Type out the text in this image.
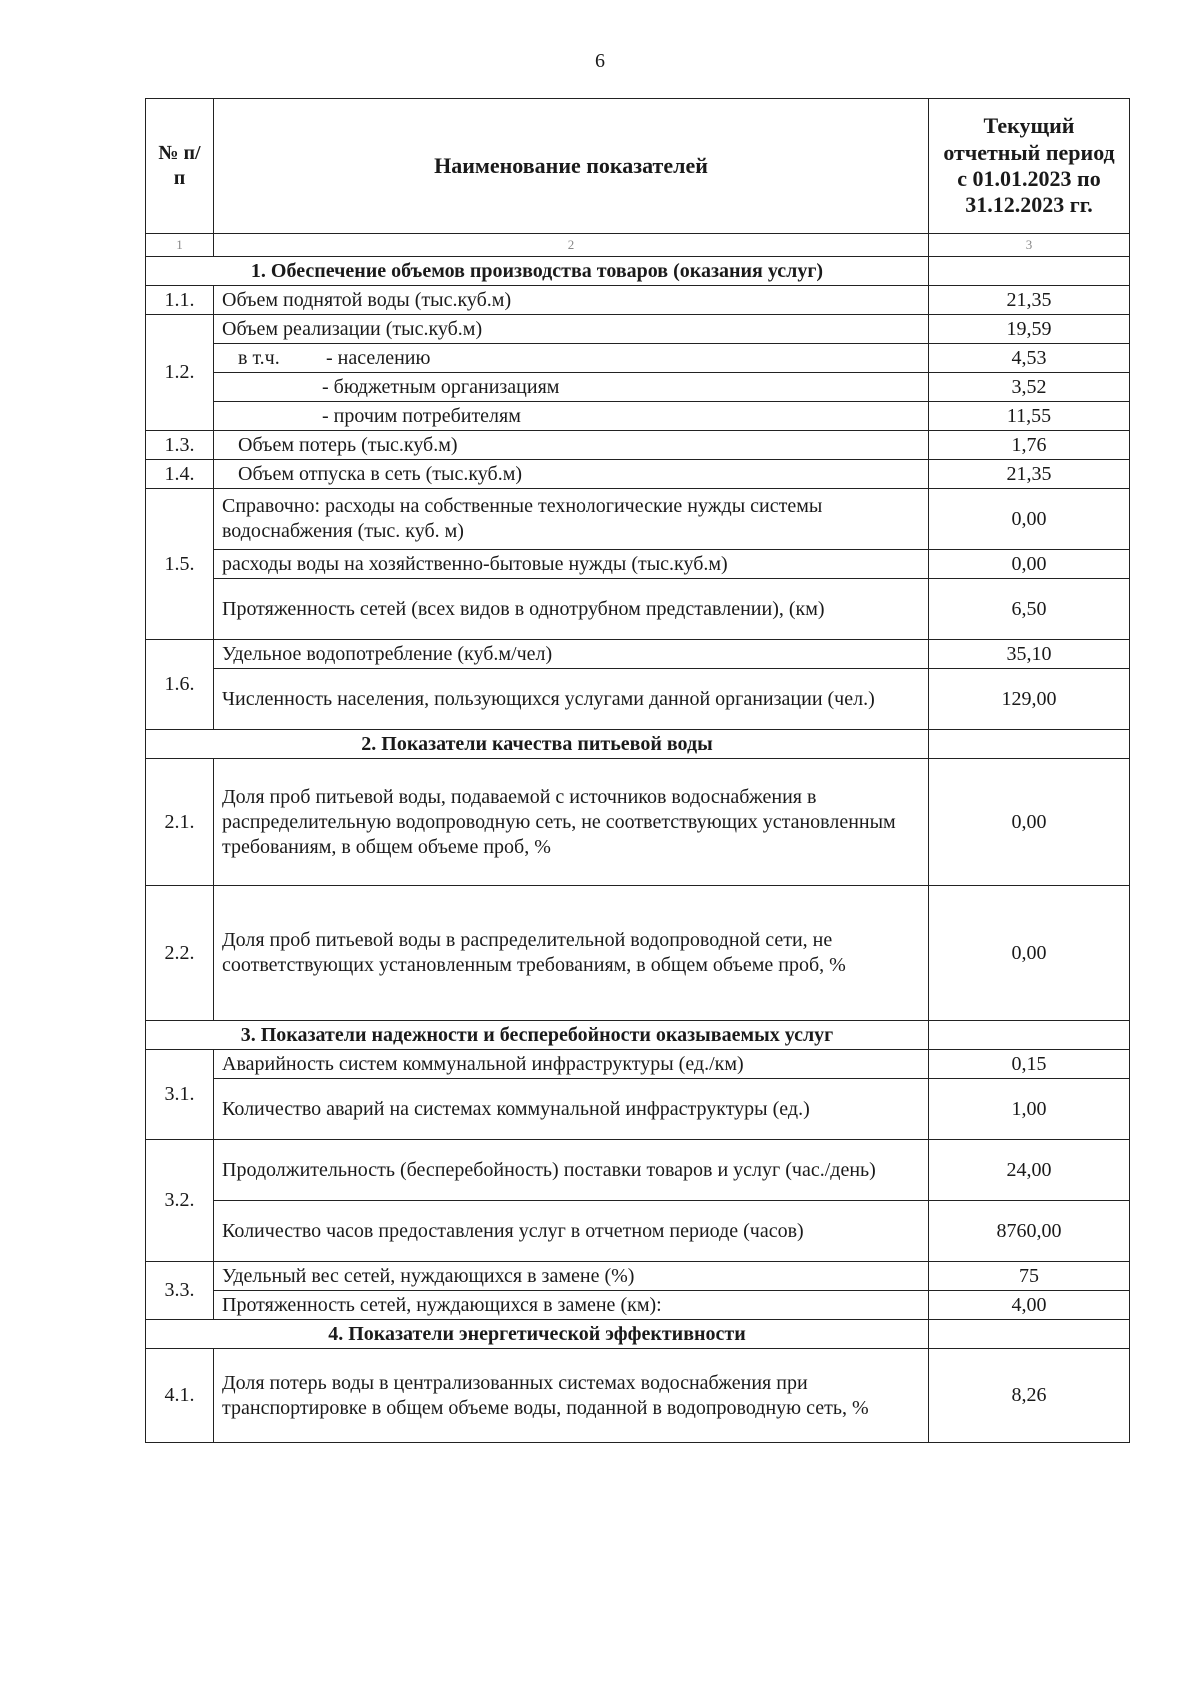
6
№ п/п	Наименование показателей	Текущий отчетный период с 01.01.2023 по 31.12.2023 гг.
1	2	3
1. Обеспечение объемов производства товаров (оказания услуг)		
1.1.	Объем поднятой воды (тыс.куб.м)	21,35
1.2.	Объем реализации (тыс.куб.м)	19,59
	в т.ч. - населению	4,53
	- бюджетным организациям	3,52
	- прочим потребителям	11,55
1.3.	Объем потерь (тыс.куб.м)	1,76
1.4.	Объем отпуска в сеть (тыс.куб.м)	21,35
1.5.	Справочно: расходы на собственные технологические нужды системы водоснабжения (тыс. куб. м)	0,00
	расходы воды на хозяйственно-бытовые нужды (тыс.куб.м)	0,00
	Протяженность сетей (всех видов в однотрубном представлении), (км)	6,50
1.6.	Удельное водопотребление (куб.м/чел)	35,10
	Численность населения, пользующихся услугами данной организации (чел.)	129,00
2. Показатели качества питьевой воды		
2.1.	Доля проб питьевой воды, подаваемой с источников водоснабжения в распределительную водопроводную сеть, не соответствующих установленным требованиям, в общем объеме проб, %	0,00
2.2.	Доля проб питьевой воды в распределительной водопроводной сети, не соответствующих установленным требованиям, в общем объеме проб, %	0,00
3. Показатели надежности и бесперебойности оказываемых услуг		
3.1.	Аварийность систем коммунальной инфраструктуры (ед./км)	0,15
	Количество аварий на системах коммунальной инфраструктуры (ед.)	1,00
3.2.	Продолжительность (бесперебойность) поставки товаров и услуг (час./день)	24,00
	Количество часов предоставления услуг в отчетном периоде (часов)	8760,00
3.3.	Удельный вес сетей, нуждающихся в замене (%)	75
	Протяженность сетей, нуждающихся в замене (км):	4,00
4. Показатели энергетической эффективности		
4.1.	Доля потерь воды в централизованных системах водоснабжения при транспортировке в общем объеме воды, поданной в водопроводную сеть, %	8,26
